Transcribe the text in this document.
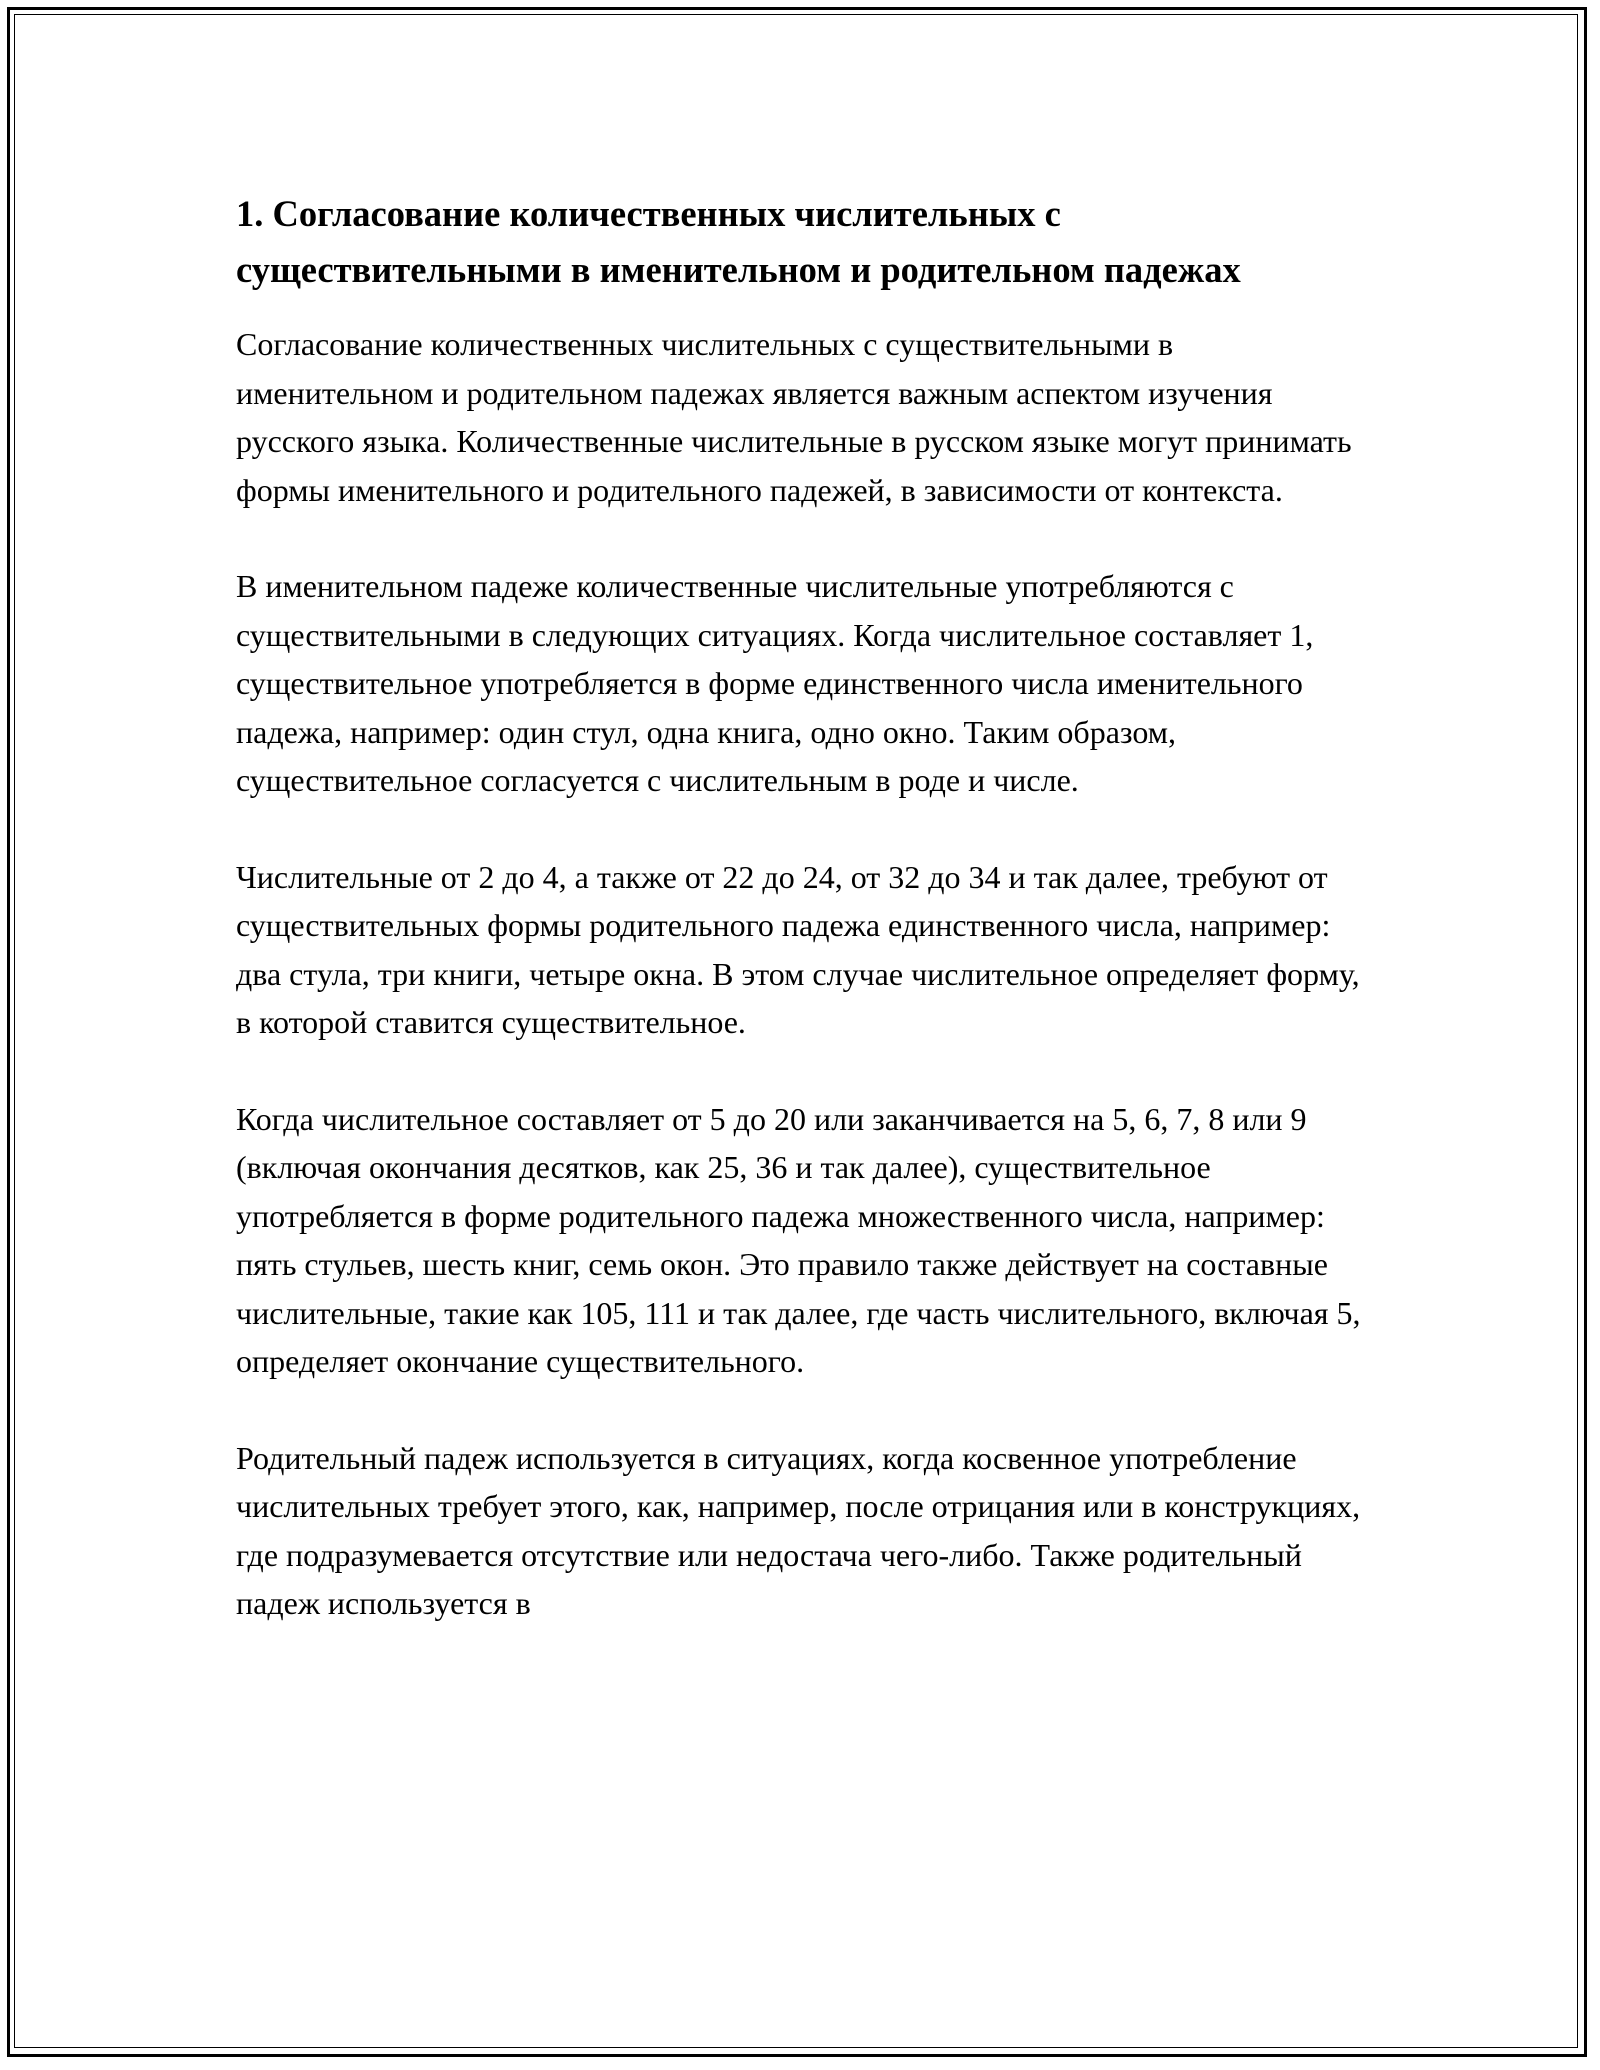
1. Согласование количественных числительных с существительными в именительном и родительном падежах

Согласование количественных числительных с существительными в именительном и родительном падежах является важным аспектом изучения русского языка. Количественные числительные в русском языке могут принимать формы именительного и родительного падежей, в зависимости от контекста.

В именительном падеже количественные числительные употребляются с существительными в следующих ситуациях. Когда числительное составляет 1, существительное употребляется в форме единственного числа именительного падежа, например: один стул, одна книга, одно окно. Таким образом, существительное согласуется с числительным в роде и числе.

Числительные от 2 до 4, а также от 22 до 24, от 32 до 34 и так далее, требуют от существительных формы родительного падежа единственного числа, например: два стула, три книги, четыре окна. В этом случае числительное определяет форму, в которой ставится существительное.

Когда числительное составляет от 5 до 20 или заканчивается на 5, 6, 7, 8 или 9 (включая окончания десятков, как 25, 36 и так далее), существительное употребляется в форме родительного падежа множественного числа, например: пять стульев, шесть книг, семь окон. Это правило также действует на составные числительные, такие как 105, 111 и так далее, где часть числительного, включая 5, определяет окончание существительного.

Родительный падеж используется в ситуациях, когда косвенное употребление числительных требует этого, как, например, после отрицания или в конструкциях, где подразумевается отсутствие или недостача чего-либо. Также родительный падеж используется в
